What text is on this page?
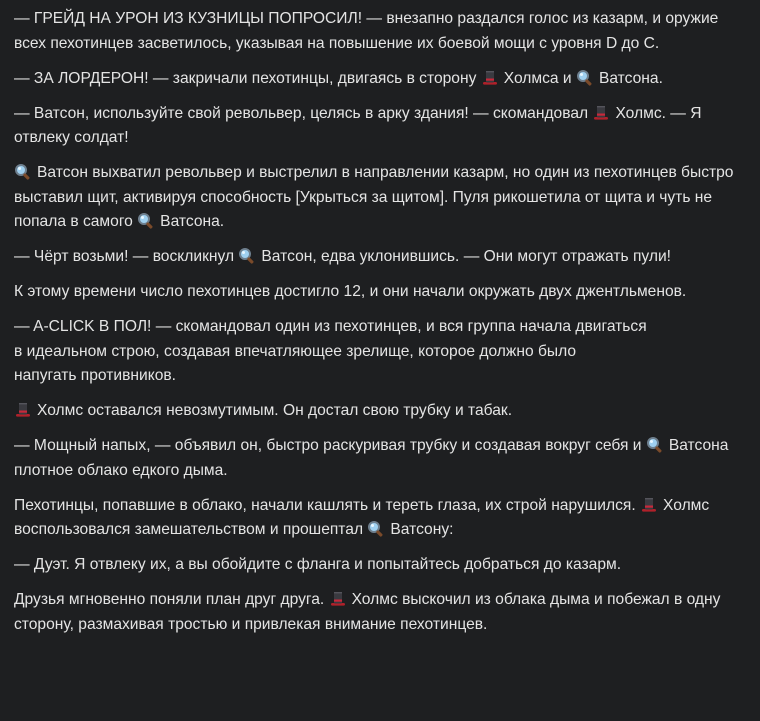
— ГРЕЙД НА УРОН ИЗ КУЗНИЦЫ ПОПРОСИЛ! — внезапно раздался голос из казарм, и оружие всех пехотинцев засветилось, указывая на повышение их боевой мощи с уровня D до C.

— ЗА ЛОРДЕРОН! — закричали пехотинцы, двигаясь в сторону
Холмса и
Ватсона.

— Ватсон, используйте свой револьвер, целясь в арку здания! — скомандовал
Холмс. — Я отвлеку солдат!

Ватсон выхватил револьвер и выстрелил в направлении казарм, но один из пехотинцев быстро выставил щит, активируя способность [Укрыться за щитом]. Пуля рикошетила от щита и чуть не попала в самого
Ватсона.

— Чёрт возьми! — воскликнул
Ватсон, едва уклонившись. — Они могут отражать пули!

К этому времени число пехотинцев достигло 12, и они начали окружать двух джентльменов.

— A-CLICK В ПОЛ! — скомандовал один из пехотинцев, и вся группа начала двигаться
в идеальном строю, создавая впечатляющее зрелище, которое должно было
напугать противников.

Холмс оставался невозмутимым. Он достал свою трубку и табак.

— Мощный напых, — объявил он, быстро раскуривая трубку и создавая вокруг себя и
Ватсона плотное облако едкого дыма.

Пехотинцы, попавшие в облако, начали кашлять и тереть глаза, их строй нарушился.
Холмс воспользовался замешательством и прошептал
Ватсону:

— Дуэт. Я отвлеку их, а вы обойдите с фланга и попытайтесь добраться до казарм.

Друзья мгновенно поняли план друг друга.
Холмс выскочил из облака дыма и побежал в одну сторону, размахивая тростью и привлекая внимание пехотинцев.
